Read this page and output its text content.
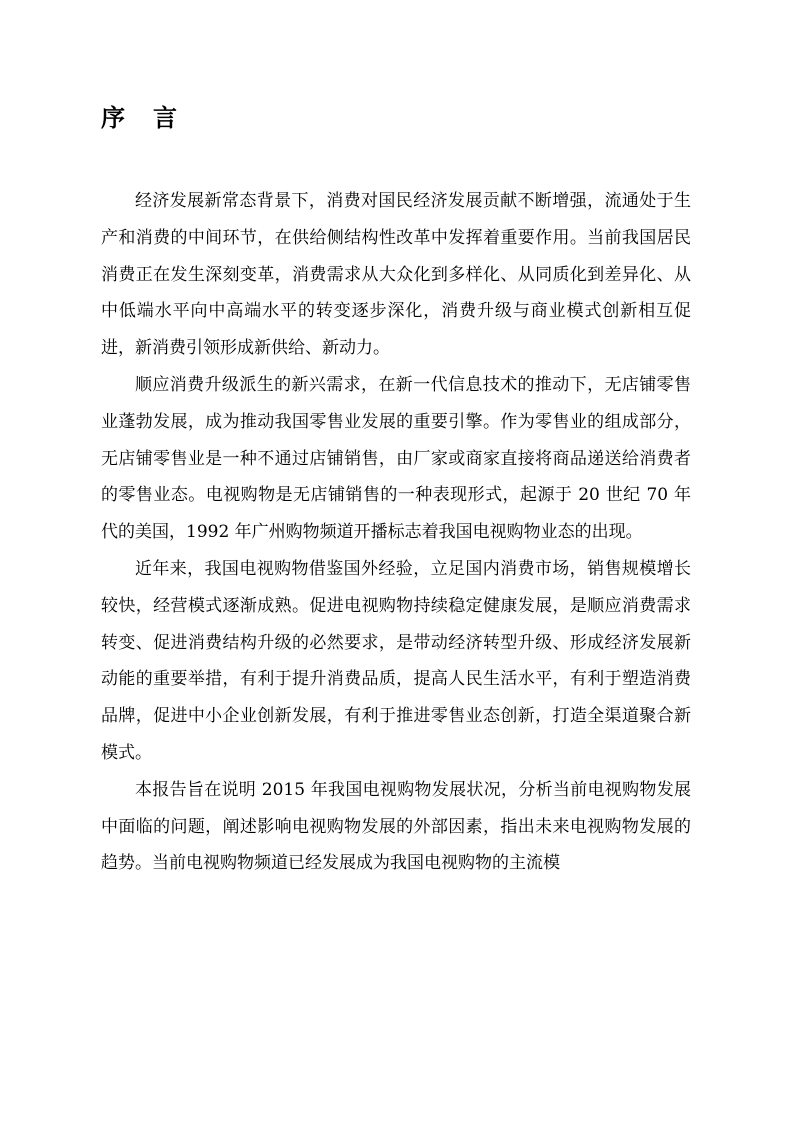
序　言

经济发展新常态背景下，消费对国民经济发展贡献不断增强，流通处于生产和消费的中间环节，在供给侧结构性改革中发挥着重要作用。当前我国居民消费正在发生深刻变革，消费需求从大众化到多样化、从同质化到差异化、从中低端水平向中高端水平的转变逐步深化，消费升级与商业模式创新相互促进，新消费引领形成新供给、新动力。

顺应消费升级派生的新兴需求，在新一代信息技术的推动下，无店铺零售业蓬勃发展，成为推动我国零售业发展的重要引擎。作为零售业的组成部分，无店铺零售业是一种不通过店铺销售，由厂家或商家直接将商品递送给消费者的零售业态。电视购物是无店铺销售的一种表现形式，起源于 20 世纪 70 年代的美国，1992 年广州购物频道开播标志着我国电视购物业态的出现。

近年来，我国电视购物借鉴国外经验，立足国内消费市场，销售规模增长较快，经营模式逐渐成熟。促进电视购物持续稳定健康发展，是顺应消费需求转变、促进消费结构升级的必然要求，是带动经济转型升级、形成经济发展新动能的重要举措，有利于提升消费品质，提高人民生活水平，有利于塑造消费品牌，促进中小企业创新发展，有利于推进零售业态创新，打造全渠道聚合新模式。

本报告旨在说明 2015 年我国电视购物发展状况，分析当前电视购物发展中面临的问题，阐述影响电视购物发展的外部因素，指出未来电视购物发展的趋势。当前电视购物频道已经发展成为我国电视购物的主流模
